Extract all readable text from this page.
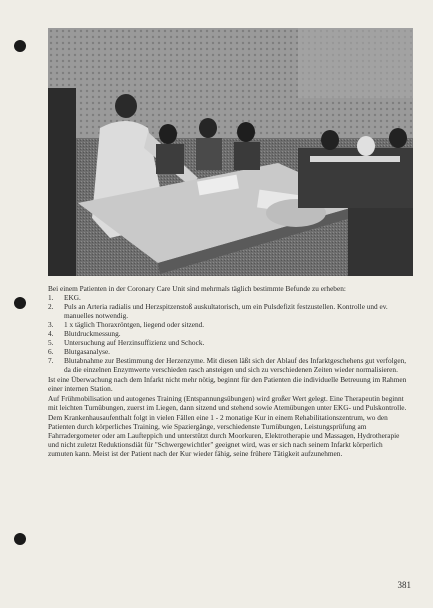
Bei einem Patienten in der Coronary Care Unit sind mehrmals täglich bestimmte Befunde zu erheben:

1.	EKG.
2.	Puls an Arteria radialis und Herzspitzenstoß auskultatorisch, um ein Pulsdefizit festzustellen. Kontrolle und ev. manuelles notwendig.
3.	1 x täglich Thoraxröntgen, liegend oder sitzend.
4.	Blutdruckmessung.
5.	Untersuchung auf Herzinsuffizienz und Schock.
6.	Blutgasanalyse.
7.	Blutabnahme zur Bestimmung der Herzenzyme. Mit diesen läßt sich der Ablauf des Infarktgeschehens gut verfolgen, da die einzelnen Enzymwerte verschieden rasch ansteigen und sich zu verschiedenen Zeiten wieder normalisieren.

Ist eine Überwachung nach dem Infarkt nicht mehr nötig, beginnt für den Patienten die individuelle Betreuung im Rahmen einer internen Station.

Auf Frühmobilisation und autogenes Training (Entspannungsübungen) wird großer Wert gelegt. Eine Therapeutin beginnt mit leichten Turnübungen, zuerst im Liegen, dann sitzend und stehend sowie Atemübungen unter EKG- und Pulskontrolle.

Dem Krankenhausaufenthalt folgt in vielen Fällen eine 1 - 2 monatige Kur in einem Rehabilitationszentrum, wo den Patienten durch körperliches Training, wie Spaziergänge, verschiedenste Turnübungen, Leistungsprüfung am Fahrradergometer oder am Laufteppich und unterstützt durch Moorkuren, Elektrotherapie und Massagen, Hydrotherapie und nicht zuletzt Reduktionsdiät für "Schwergewichtler" geeignet wird, was er sich nach seinem Infarkt körperlich zumuten kann. Meist ist der Patient nach der Kur wieder fähig, seine frühere Tätigkeit aufzunehmen.

381
